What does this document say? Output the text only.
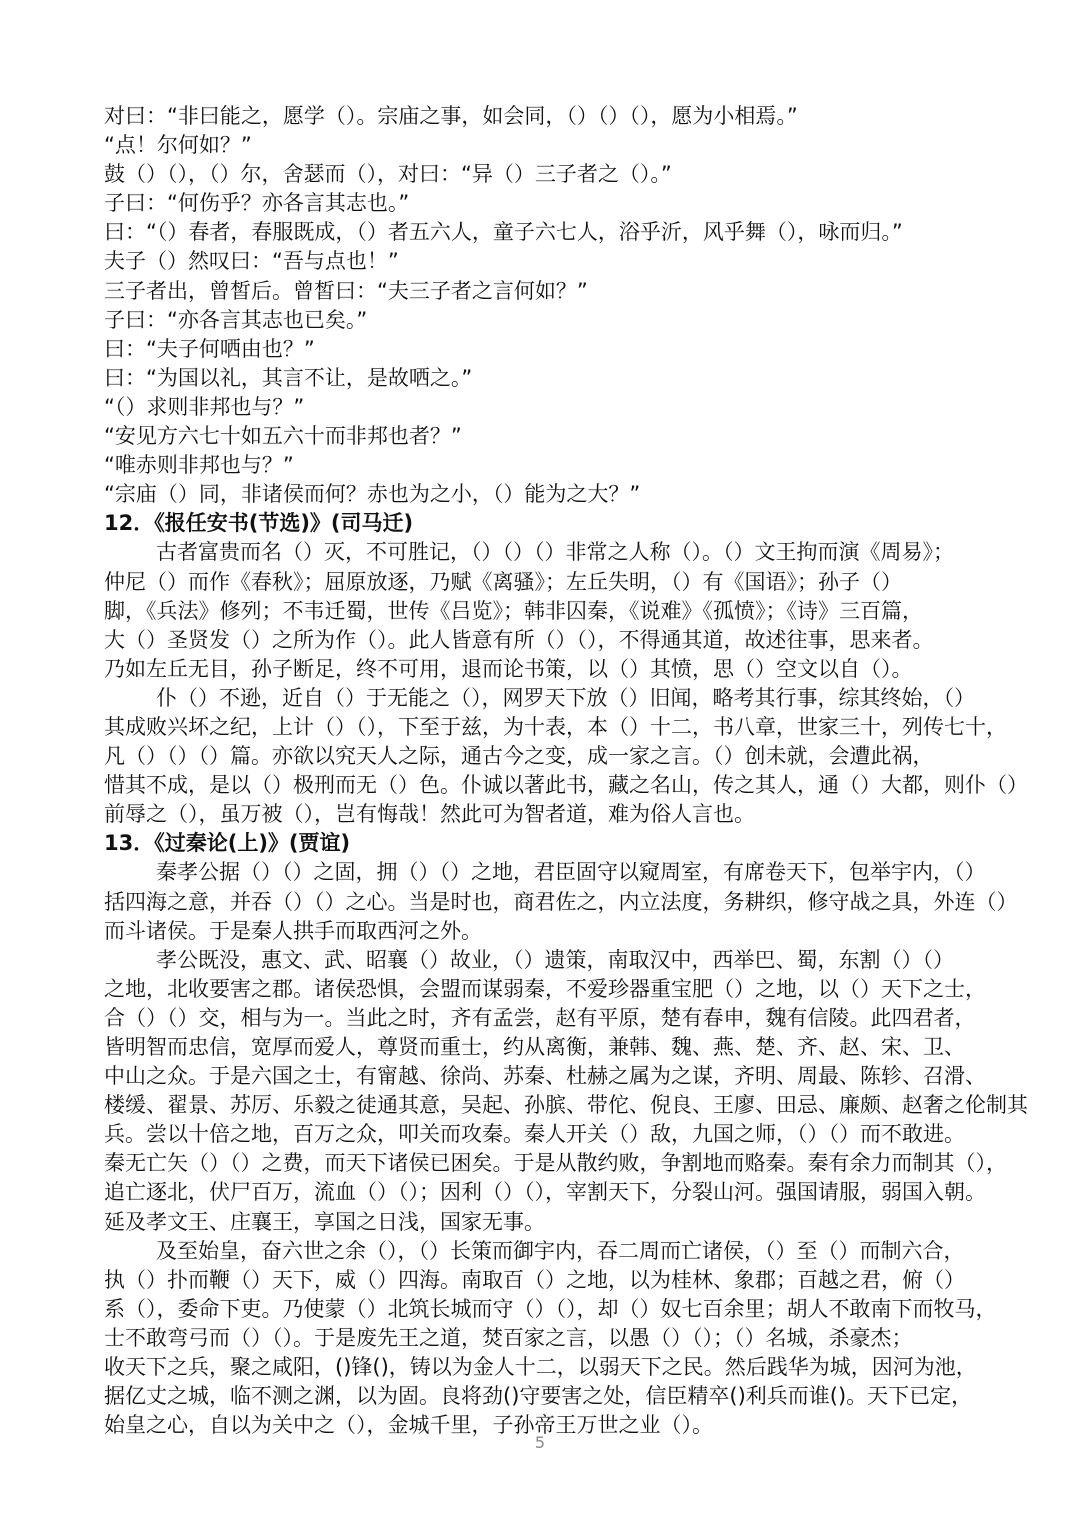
对曰：“非曰能之，愿学（）。宗庙之事，如会同，（）（）（），愿为小相焉。”
“点！尔何如？”
鼓（）（），（）尔，舍瑟而（），对曰：“异（）三子者之（）。”
子曰：“何伤乎？亦各言其志也。”
曰：“（）春者，春服既成，（）者五六人，童子六七人，浴乎沂，风乎舞（），咏而归。”
夫子（）然叹曰：“吾与点也！”
三子者出，曾皙后。曾皙曰：“夫三子者之言何如？”
子曰：“亦各言其志也已矣。”
曰：“夫子何哂由也？”
曰：“为国以礼，其言不让，是故哂之。”
“（）求则非邦也与？”
“安见方六七十如五六十而非邦也者？”
“唯赤则非邦也与？”
“宗庙（）同，非诸侯而何？赤也为之小，（）能为之大？”
12．《报任安书(节选)》(司马迁)
古者富贵而名（）灭，不可胜记，（）（）（）非常之人称（）。（）文王拘而演《周易》；
仲尼（）而作《春秋》；屈原放逐，乃赋《离骚》；左丘失明，（）有《国语》；孙子（）
脚，《兵法》修列；不韦迁蜀，世传《吕览》；韩非囚秦，《说难》《孤愤》；《诗》三百篇，
大（）圣贤发（）之所为作（）。此人皆意有所（）（），不得通其道，故述往事，思来者。
乃如左丘无目，孙子断足，终不可用，退而论书策，以（）其愤，思（）空文以自（）。
仆（）不逊，近自（）于无能之（），网罗天下放（）旧闻，略考其行事，综其终始，（）
其成败兴坏之纪，上计（）（），下至于兹，为十表，本（）十二，书八章，世家三十，列传七十，
凡（）（）（）篇。亦欲以究天人之际，通古今之变，成一家之言。（）创未就，会遭此祸，
惜其不成，是以（）极刑而无（）色。仆诚以著此书，藏之名山，传之其人，通（）大都，则仆（）
前辱之（），虽万被（），岂有悔哉！然此可为智者道，难为俗人言也。
13．《过秦论(上)》(贾谊)
秦孝公据（）（）之固，拥（）（）之地，君臣固守以窥周室，有席卷天下，包举宇内，（）
括四海之意，并吞（）（）之心。当是时也，商君佐之，内立法度，务耕织，修守战之具，外连（）
而斗诸侯。于是秦人拱手而取西河之外。
孝公既没，惠文、武、昭襄（）故业，（）遗策，南取汉中，西举巴、蜀，东割（）（）
之地，北收要害之郡。诸侯恐惧，会盟而谋弱秦，不爱珍器重宝肥（）之地，以（）天下之士，
合（）（）交，相与为一。当此之时，齐有孟尝，赵有平原，楚有春申，魏有信陵。此四君者，
皆明智而忠信，宽厚而爱人，尊贤而重士，约从离衡，兼韩、魏、燕、楚、齐、赵、宋、卫、
中山之众。于是六国之士，有甯越、徐尚、苏秦、杜赫之属为之谋，齐明、周最、陈轸、召滑、
楼缓、翟景、苏厉、乐毅之徒通其意，吴起、孙膑、带佗、倪良、王廖、田忌、廉颇、赵奢之伦制其
兵。尝以十倍之地，百万之众，叩关而攻秦。秦人开关（）敌，九国之师，（）（）而不敢进。
秦无亡矢（）（）之费，而天下诸侯已困矣。于是从散约败，争割地而赂秦。秦有余力而制其（），
追亡逐北，伏尸百万，流血（）（）；因利（）（），宰割天下，分裂山河。强国请服，弱国入朝。
延及孝文王、庄襄王，享国之日浅，国家无事。
及至始皇，奋六世之余（），（）长策而御宇内，吞二周而亡诸侯，（）至（）而制六合，
执（）扑而鞭（）天下，威（）四海。南取百（）之地，以为桂林、象郡；百越之君，俯（）
系（），委命下吏。乃使蒙（）北筑长城而守（）（），却（）奴七百余里；胡人不敢南下而牧马，
士不敢弯弓而（）（）。于是废先王之道，焚百家之言，以愚（）（）；（）名城，杀豪杰；
收天下之兵，聚之咸阳，()锋()，铸以为金人十二，以弱天下之民。然后践华为城，因河为池，
据亿丈之城，临不测之渊，以为固。良将劲()守要害之处，信臣精卒()利兵而谁()。天下已定，
始皇之心，自以为关中之（），金城千里，子孙帝王万世之业（）。
5
